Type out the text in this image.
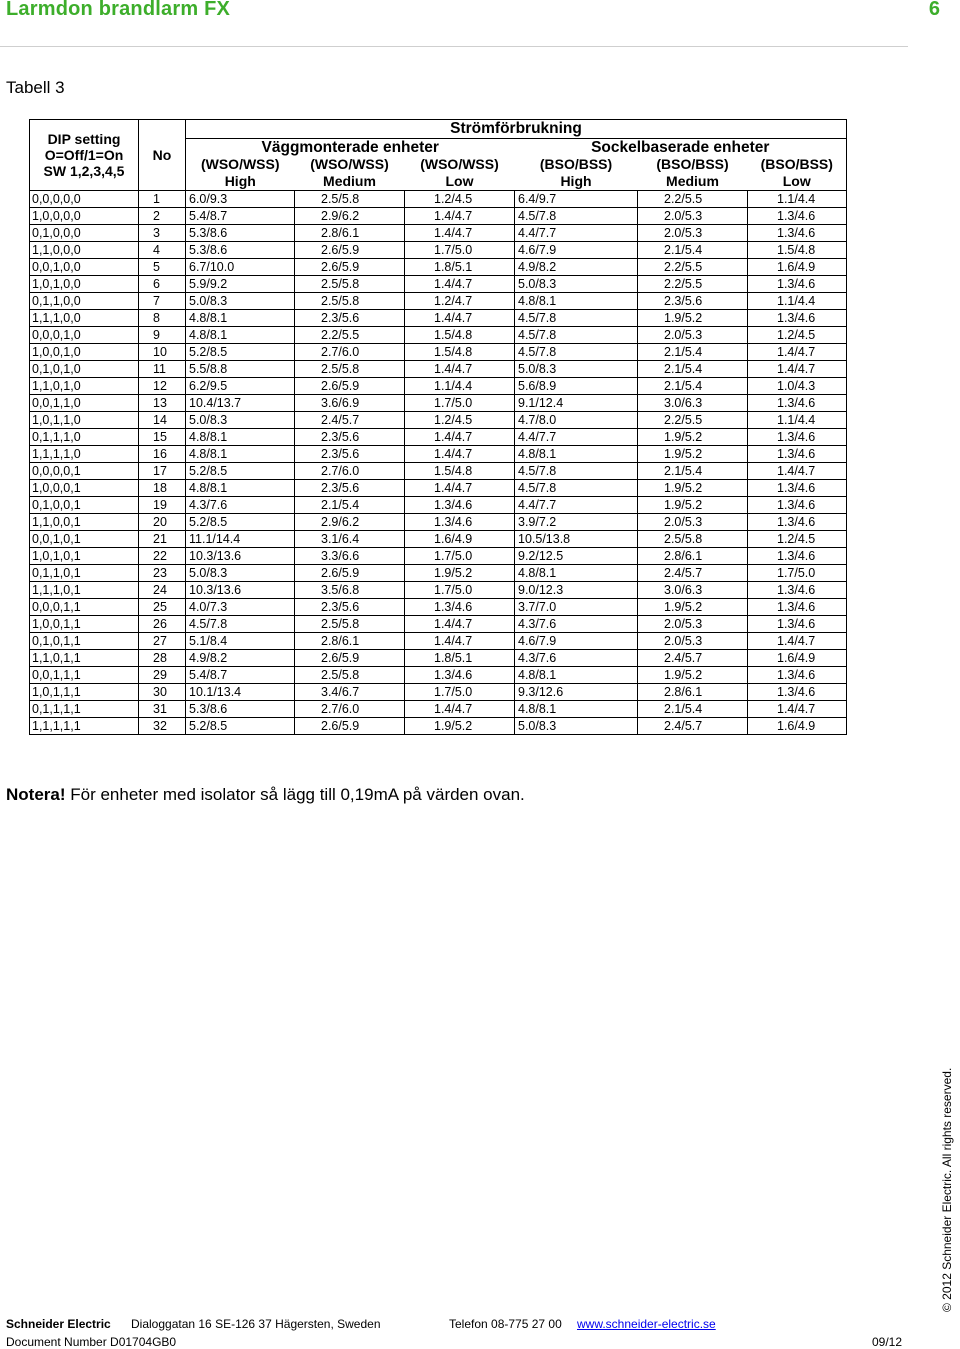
Larmdon brandlarm FX	6
Tabell 3
DIP setting
O=Off/1=On
SW 1,2,3,4,5	No	Strömförbrukning					
		Väggmonterade enheter			Sockelbaserade enheter		
		(WSO/WSS)	(WSO/WSS)	(WSO/WSS)	(BSO/BSS)	(BSO/BSS)	(BSO/BSS)
		High	Medium	Low	High	Medium	Low
0,0,0,0,0	1	6.0/9.3	2.5/5.8	1.2/4.5	6.4/9.7	2.2/5.5	1.1/4.4
1,0,0,0,0	2	5.4/8.7	2.9/6.2	1.4/4.7	4.5/7.8	2.0/5.3	1.3/4.6
0,1,0,0,0	3	5.3/8.6	2.8/6.1	1.4/4.7	4.4/7.7	2.0/5.3	1.3/4.6
1,1,0,0,0	4	5.3/8.6	2.6/5.9	1.7/5.0	4.6/7.9	2.1/5.4	1.5/4.8
0,0,1,0,0	5	6.7/10.0	2.6/5.9	1.8/5.1	4.9/8.2	2.2/5.5	1.6/4.9
1,0,1,0,0	6	5.9/9.2	2.5/5.8	1.4/4.7	5.0/8.3	2.2/5.5	1.3/4.6
0,1,1,0,0	7	5.0/8.3	2.5/5.8	1.2/4.7	4.8/8.1	2.3/5.6	1.1/4.4
1,1,1,0,0	8	4.8/8.1	2.3/5.6	1.4/4.7	4.5/7.8	1.9/5.2	1.3/4.6
0,0,0,1,0	9	4.8/8.1	2.2/5.5	1.5/4.8	4.5/7.8	2.0/5.3	1.2/4.5
1,0,0,1,0	10	5.2/8.5	2.7/6.0	1.5/4.8	4.5/7.8	2.1/5.4	1.4/4.7
0,1,0,1,0	11	5.5/8.8	2.5/5.8	1.4/4.7	5.0/8.3	2.1/5.4	1.4/4.7
1,1,0,1,0	12	6.2/9.5	2.6/5.9	1.1/4.4	5.6/8.9	2.1/5.4	1.0/4.3
0,0,1,1,0	13	10.4/13.7	3.6/6.9	1.7/5.0	9.1/12.4	3.0/6.3	1.3/4.6
1,0,1,1,0	14	5.0/8.3	2.4/5.7	1.2/4.5	4.7/8.0	2.2/5.5	1.1/4.4
0,1,1,1,0	15	4.8/8.1	2.3/5.6	1.4/4.7	4.4/7.7	1.9/5.2	1.3/4.6
1,1,1,1,0	16	4.8/8.1	2.3/5.6	1.4/4.7	4.8/8.1	1.9/5.2	1.3/4.6
0,0,0,0,1	17	5.2/8.5	2.7/6.0	1.5/4.8	4.5/7.8	2.1/5.4	1.4/4.7
1,0,0,0,1	18	4.8/8.1	2.3/5.6	1.4/4.7	4.5/7.8	1.9/5.2	1.3/4.6
0,1,0,0,1	19	4.3/7.6	2.1/5.4	1.3/4.6	4.4/7.7	1.9/5.2	1.3/4.6
1,1,0,0,1	20	5.2/8.5	2.9/6.2	1.3/4.6	3.9/7.2	2.0/5.3	1.3/4.6
0,0,1,0,1	21	11.1/14.4	3.1/6.4	1.6/4.9	10.5/13.8	2.5/5.8	1.2/4.5
1,0,1,0,1	22	10.3/13.6	3.3/6.6	1.7/5.0	9.2/12.5	2.8/6.1	1.3/4.6
0,1,1,0,1	23	5.0/8.3	2.6/5.9	1.9/5.2	4.8/8.1	2.4/5.7	1.7/5.0
1,1,1,0,1	24	10.3/13.6	3.5/6.8	1.7/5.0	9.0/12.3	3.0/6.3	1.3/4.6
0,0,0,1,1	25	4.0/7.3	2.3/5.6	1.3/4.6	3.7/7.0	1.9/5.2	1.3/4.6
1,0,0,1,1	26	4.5/7.8	2.5/5.8	1.4/4.7	4.3/7.6	2.0/5.3	1.3/4.6
0,1,0,1,1	27	5.1/8.4	2.8/6.1	1.4/4.7	4.6/7.9	2.0/5.3	1.4/4.7
1,1,0,1,1	28	4.9/8.2	2.6/5.9	1.8/5.1	4.3/7.6	2.4/5.7	1.6/4.9
0,0,1,1,1	29	5.4/8.7	2.5/5.8	1.3/4.6	4.8/8.1	1.9/5.2	1.3/4.6
1,0,1,1,1	30	10.1/13.4	3.4/6.7	1.7/5.0	9.3/12.6	2.8/6.1	1.3/4.6
0,1,1,1,1	31	5.3/8.6	2.7/6.0	1.4/4.7	4.8/8.1	2.1/5.4	1.4/4.7
1,1,1,1,1	32	5.2/8.5	2.6/5.9	1.9/5.2	5.0/8.3	2.4/5.7	1.6/4.9
Notera! För enheter med isolator så lägg till 0,19mA på värden ovan.
© 2012 Schneider Electric. All rights reserved.
Schneider Electric Dialoggatan 16 SE-126 37 Hägersten, Sweden	Telefon 08-775 27 00 www.schneider-electric.se
Document Number D01704GB0	09/12
